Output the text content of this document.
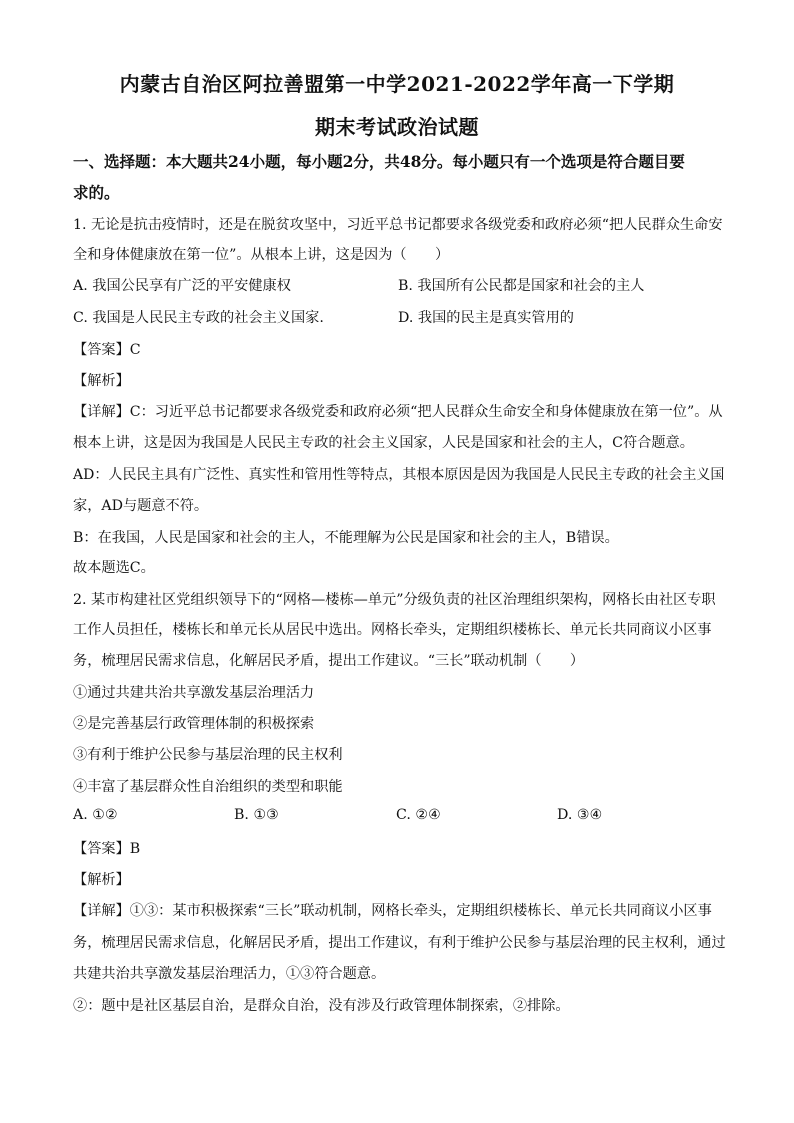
内蒙古自治区阿拉善盟第一中学2021-2022学年高一下学期
期末考试政治试题
一、选择题：本大题共24小题，每小题2分，共48分。每小题只有一个选项是符合题目要
求的。
1. 无论是抗击疫情时，还是在脱贫攻坚中，习近平总书记都要求各级党委和政府必须“把人民群众生命安
全和身体健康放在第一位”。从根本上讲，这是因为（　　）
A. 我国公民享有广泛的平安健康权	B. 我国所有公民都是国家和社会的主人
C. 我国是人民民主专政的社会主义国家.	D. 我国的民主是真实管用的
【答案】C
【解析】
【详解】C：习近平总书记都要求各级党委和政府必须“把人民群众生命安全和身体健康放在第一位”。从
根本上讲，这是因为我国是人民民主专政的社会主义国家，人民是国家和社会的主人，C符合题意。
AD：人民民主具有广泛性、真实性和管用性等特点，其根本原因是因为我国是人民民主专政的社会主义国
家，AD与题意不符。
B：在我国，人民是国家和社会的主人，不能理解为公民是国家和社会的主人，B错误。
故本题选C。
2. 某市构建社区党组织领导下的“网格—楼栋—单元”分级负责的社区治理组织架构，网格长由社区专职
工作人员担任，楼栋长和单元长从居民中选出。网格长牵头，定期组织楼栋长、单元长共同商议小区事
务，梳理居民需求信息，化解居民矛盾，提出工作建议。“三长”联动机制（　　）
①通过共建共治共享激发基层治理活力
②是完善基层行政管理体制的积极探索
③有利于维护公民参与基层治理的民主权利
④丰富了基层群众性自治组织的类型和职能
A. ①②	B. ①③	C. ②④	D. ③④
【答案】B
【解析】
【详解】①③：某市积极探索“三长”联动机制，网格长牵头，定期组织楼栋长、单元长共同商议小区事
务，梳理居民需求信息，化解居民矛盾，提出工作建议，有利于维护公民参与基层治理的民主权利，通过
共建共治共享激发基层治理活力，①③符合题意。
②：题中是社区基层自治，是群众自治，没有涉及行政管理体制探索，②排除。
